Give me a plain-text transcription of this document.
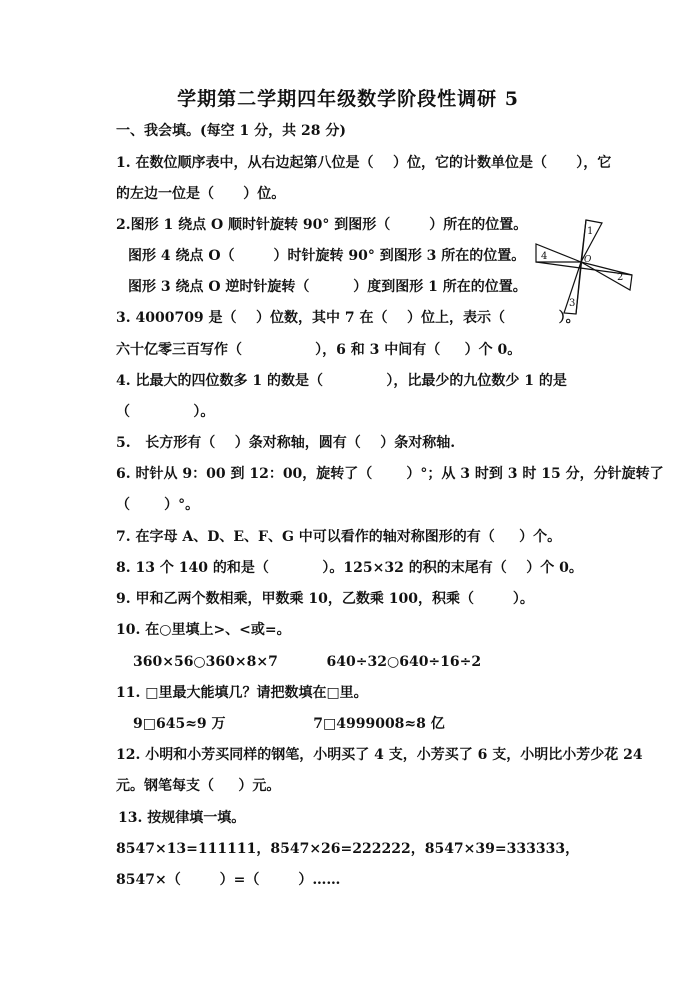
学期第二学期四年级数学阶段性调研 5
一、我会填。(每空 1 分，共 28 分)
1. 在数位顺序表中，从右边起第八位是（    ）位，它的计数单位是（      ），它
的左边一位是（      ）位。
2.图形 1 绕点 O 顺时针旋转 90° 到图形（        ）所在的位置。
图形 4 绕点 O（        ）时针旋转 90° 到图形 3 所在的位置。
图形 3 绕点 O 逆时针旋转（         ）度到图形 1 所在的位置。
1
2
3
4	O
3. 4000709 是（    ）位数，其中 7 在（    ）位上，表示（           ）。
六十亿零三百写作（               ），6 和 3 中间有（     ）个 0。
4. 比最大的四位数多 1 的数是（             ），比最少的九位数少 1 的是
（             ）。
5.   长方形有（    ）条对称轴，圆有（    ）条对称轴.
6. 时针从 9：00 到 12：00，旋转了（       ）°；从 3 时到 3 时 15 分，分针旋转了
（       ）°。
7. 在字母 A、D、E、F、G 中可以看作的轴对称图形的有（     ）个。
8. 13 个 140 的和是（           ）。125×32 的积的末尾有（    ）个 0。
9. 甲和乙两个数相乘，甲数乘 10，乙数乘 100，积乘（        ）。
10. 在○里填上>、<或=。
360×56○360×8×7          640÷32○640÷16÷2
11. □里最大能填几？请把数填在□里。
9□645≈9 万                  7□4999008≈8 亿
12. 小明和小芳买同样的钢笔，小明买了 4 支，小芳买了 6 支，小明比小芳少花 24
元。钢笔每支（     ）元。
13. 按规律填一填。
8547×13=111111，8547×26=222222，8547×39=333333，
8547×（        ）=（        ）……
